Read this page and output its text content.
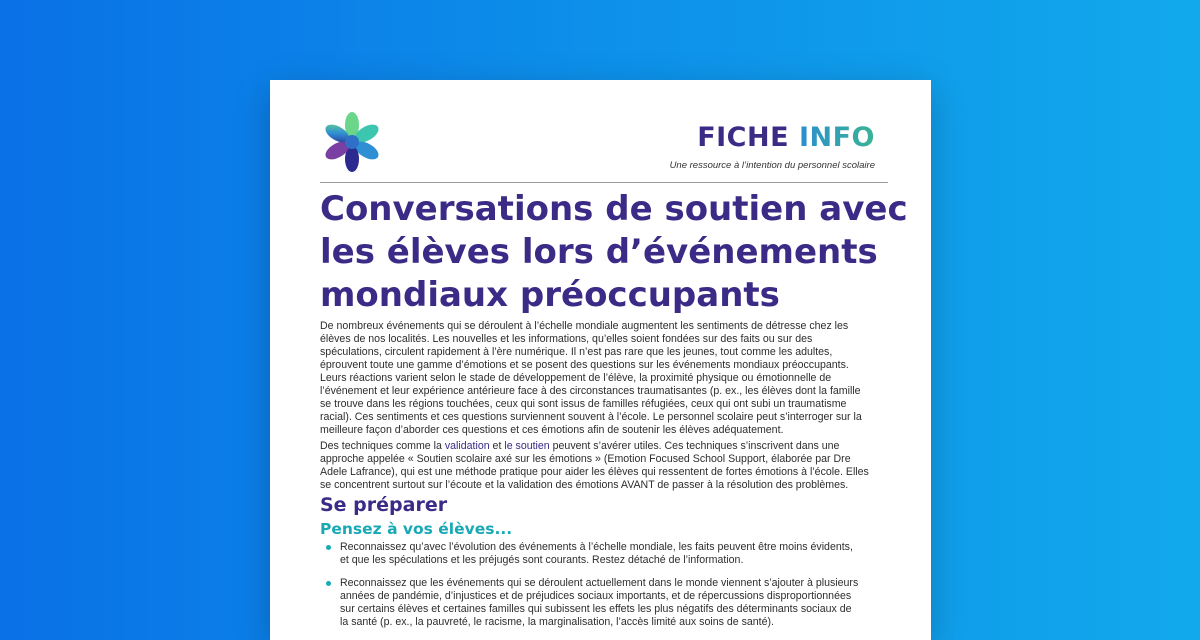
FICHE INFO
Une ressource à l’intention du personnel scolaire
Conversations de soutien avec
les élèves lors d’événements
mondiaux préoccupants

De nombreux événements qui se déroulent à l’échelle mondiale augmentent les sentiments de détresse chez les
élèves de nos localités. Les nouvelles et les informations, qu’elles soient fondées sur des faits ou sur des
spéculations, circulent rapidement à l’ère numérique. Il n’est pas rare que les jeunes, tout comme les adultes,
éprouvent toute une gamme d’émotions et se posent des questions sur les événements mondiaux préoccupants.
Leurs réactions varient selon le stade de développement de l’élève, la proximité physique ou émotionnelle de
l’événement et leur expérience antérieure face à des circonstances traumatisantes (p. ex., les élèves dont la famille
se trouve dans les régions touchées, ceux qui sont issus de familles réfugiées, ceux qui ont subi un traumatisme
racial). Ces sentiments et ces questions surviennent souvent à l’école. Le personnel scolaire peut s’interroger sur la
meilleure façon d’aborder ces questions et ces émotions afin de soutenir les élèves adéquatement.

Des techniques comme la validation et le soutien peuvent s’avérer utiles. Ces techniques s’inscrivent dans une
approche appelée « Soutien scolaire axé sur les émotions » (Emotion Focused School Support, élaborée par Dre
Adele Lafrance), qui est une méthode pratique pour aider les élèves qui ressentent de fortes émotions à l’école. Elles
se concentrent surtout sur l’écoute et la validation des émotions AVANT de passer à la résolution des problèmes.

Se préparer
Pensez à vos élèves...
Reconnaissez qu’avec l’évolution des événements à l’échelle mondiale, les faits peuvent être moins évidents,
et que les spéculations et les préjugés sont courants. Restez détaché de l’information.
Reconnaissez que les événements qui se déroulent actuellement dans le monde viennent s’ajouter à plusieurs
années de pandémie, d’injustices et de préjudices sociaux importants, et de répercussions disproportionnées
sur certains élèves et certaines familles qui subissent les effets les plus négatifs des déterminants sociaux de
la santé (p. ex., la pauvreté, le racisme, la marginalisation, l’accès limité aux soins de santé).
